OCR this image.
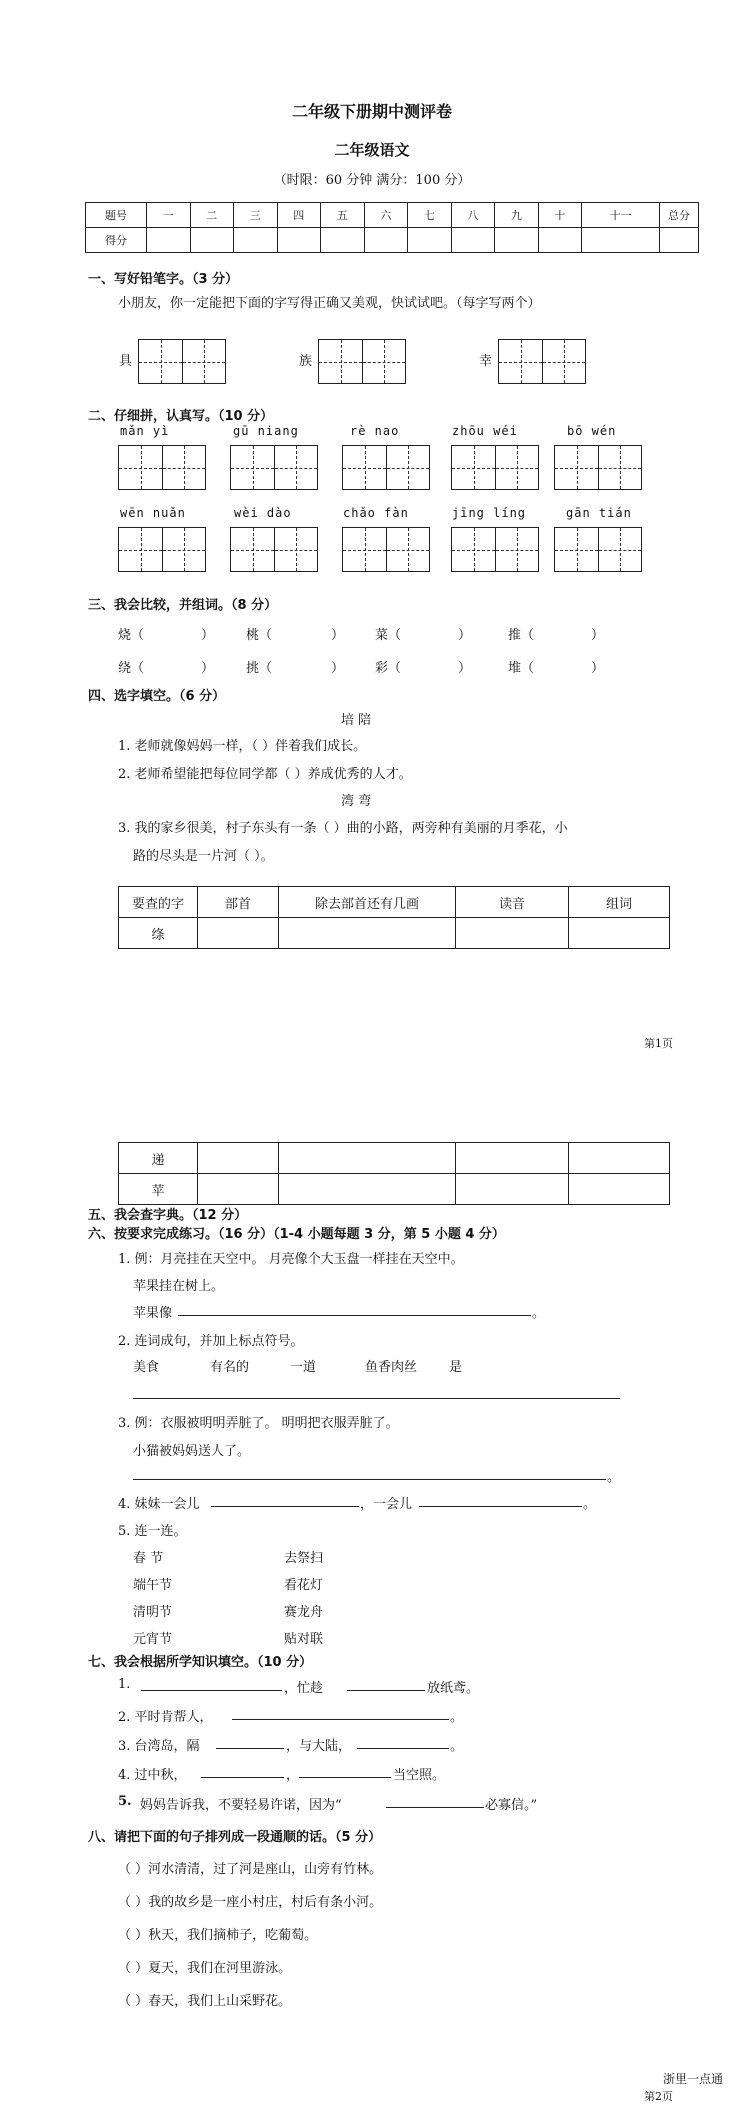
二年级下册期中测评卷
二年级语文
（时限：60 分钟 满分：100 分）
题号	一	二	三	四	五	六	七	八	九	十	十一	总分
得分												
一、写好铅笔字。（3 分）
小朋友，你一定能把下面的字写得正确又美观，快试试吧。（每字写两个）
具	族	幸
二、仔细拼，认真写。（10 分）
mǎn yì	gū niang	rè nao	zhōu wéi	bō wén
wēn nuǎn	wèi dào	chǎo fàn	jīng líng	gān tián
三、我会比较，并组词。（8 分）
烧（	） 桃（	） 菜（	）	推（	）
绕（	） 挑（	） 彩（	）	堆（	）
四、选字填空。（6 分）
培 陪
1. 老师就像妈妈一样，（ ）伴着我们成长。
2. 老师希望能把每位同学都（ ）养成优秀的人才。
湾 弯
3. 我的家乡很美，村子东头有一条（ ）曲的小路，两旁种有美丽的月季花，小
路的尽头是一片河（ ）。
要查的字	部首	除去部首还有几画	读音	组词
绦				
第1页
递				
苹				
五、我会查字典。（12 分）
六、按要求完成练习。（16 分）（1-4 小题每题 3 分，第 5 小题 4 分）
1. 例：月亮挂在天空中。 月亮像个大玉盘一样挂在天空中。
苹果挂在树上。
苹果像	。
2. 连词成句，并加上标点符号。
美食	有名的	一道	鱼香肉丝 是
3. 例：衣服被明明弄脏了。 明明把衣服弄脏了。
小猫被妈妈送人了。
。
4. 妹妹一会儿	，一会儿	。
5. 连一连。
春 节	去祭扫
端午节	看花灯
清明节	赛龙舟
元宵节	贴对联
七、我会根据所学知识填空。（10 分）
1.	，忙趁	放纸鸢。
2. 平时肯帮人，	。
3. 台湾岛，隔	，与大陆，	。
4. 过中秋，	，	当空照。
5. 妈妈告诉我，不要轻易许诺，因为“	必寡信。”
八、请把下面的句子排列成一段通顺的话。（5 分）
（ ）河水清清，过了河是座山，山旁有竹林。
（ ）我的故乡是一座小村庄，村后有条小河。
（ ）秋天，我们摘柿子，吃葡萄。
（ ）夏天，我们在河里游泳。
（ ）春天，我们上山采野花。
浙里一点通
第2页
